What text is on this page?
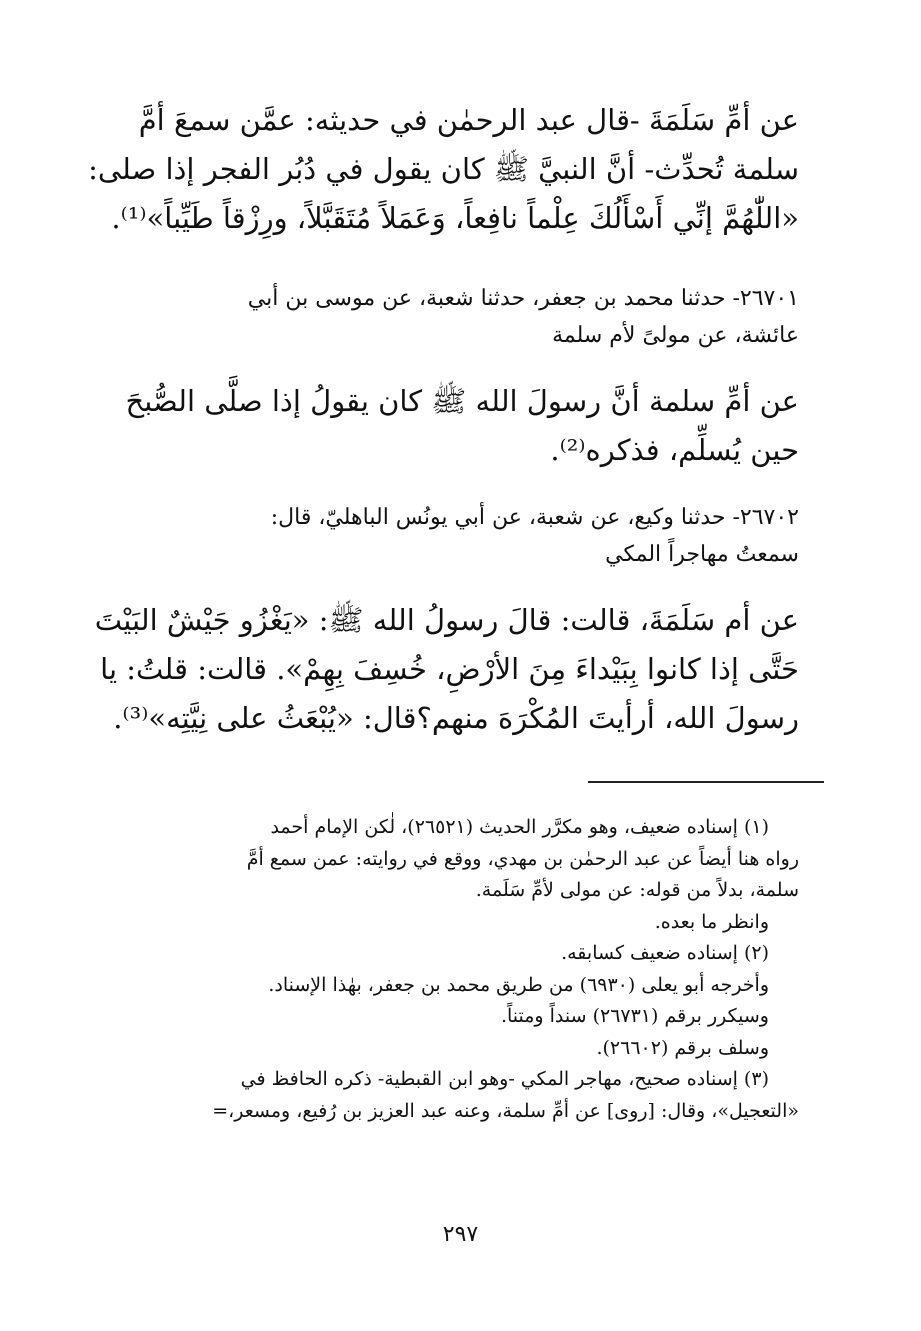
عن أمِّ سَلَمَةَ -قال عبد الرحمٰن في حديثه: عمَّن سمعَ أمَّ
سلمة تُحدِّث- أنَّ النبيَّ ﷺ كان يقول في دُبُر الفجر إذا صلى:
«اللّٰهُمَّ إنِّي أَسْأَلُكَ عِلْماً نافِعاً، وَعَمَلاً مُتَقَبَّلاً، ورِزْقاً طَيِّباً»⁽¹⁾.
٢٦٧٠١- حدثنا محمد بن جعفر، حدثنا شعبة، عن موسى بن أبي
عائشة، عن مولىً لأم سلمة
عن أمِّ سلمة أنَّ رسولَ الله ﷺ كان يقولُ إذا صلَّى الصُّبحَ
حين يُسلِّم، فذكره⁽²⁾.
٢٦٧٠٢- حدثنا وكيع، عن شعبة، عن أبي يونُس الباهليّ، قال:
سمعتُ مهاجراً المكي
عن أم سَلَمَةَ، قالت: قالَ رسولُ الله ﷺ: «يَغْزُو جَيْشٌ البَيْتَ
حَتَّى إذا كانوا بِبَيْداءَ مِنَ الأرْضِ، خُسِفَ بِهِمْ». قالت: قلتُ: يا
رسولَ الله، أرأيتَ المُكْرَهَ منهم؟قال: «يُبْعَثُ على نِيَّتِه»⁽³⁾.
(١) إسناده ضعيف، وهو مكرَّر الحديث (٢٦٥٢١)، لٰكن الإمام أحمد
رواه هنا أيضاً عن عبد الرحمٰن بن مهدي، ووقع في روايته: عمن سمع أمَّ
سلمة، بدلاً من قوله: عن مولى لأمِّ سَلَمة.
وانظر ما بعده.
(٢) إسناده ضعيف كسابقه.
وأخرجه أبو يعلى (٦٩٣٠) من طريق محمد بن جعفر، بهٰذا الإسناد.
وسيكرر برقم (٢٦٧٣١) سنداً ومتناً.
وسلف برقم (٢٦٦٠٢).
(٣) إسناده صحيح، مهاجر المكي -وهو ابن القبطية- ذكره الحافظ في
«التعجيل»، وقال: [روى] عن أمِّ سلمة، وعنه عبد العزيز بن رُفيع، ومسعر،=
٢٩٧
